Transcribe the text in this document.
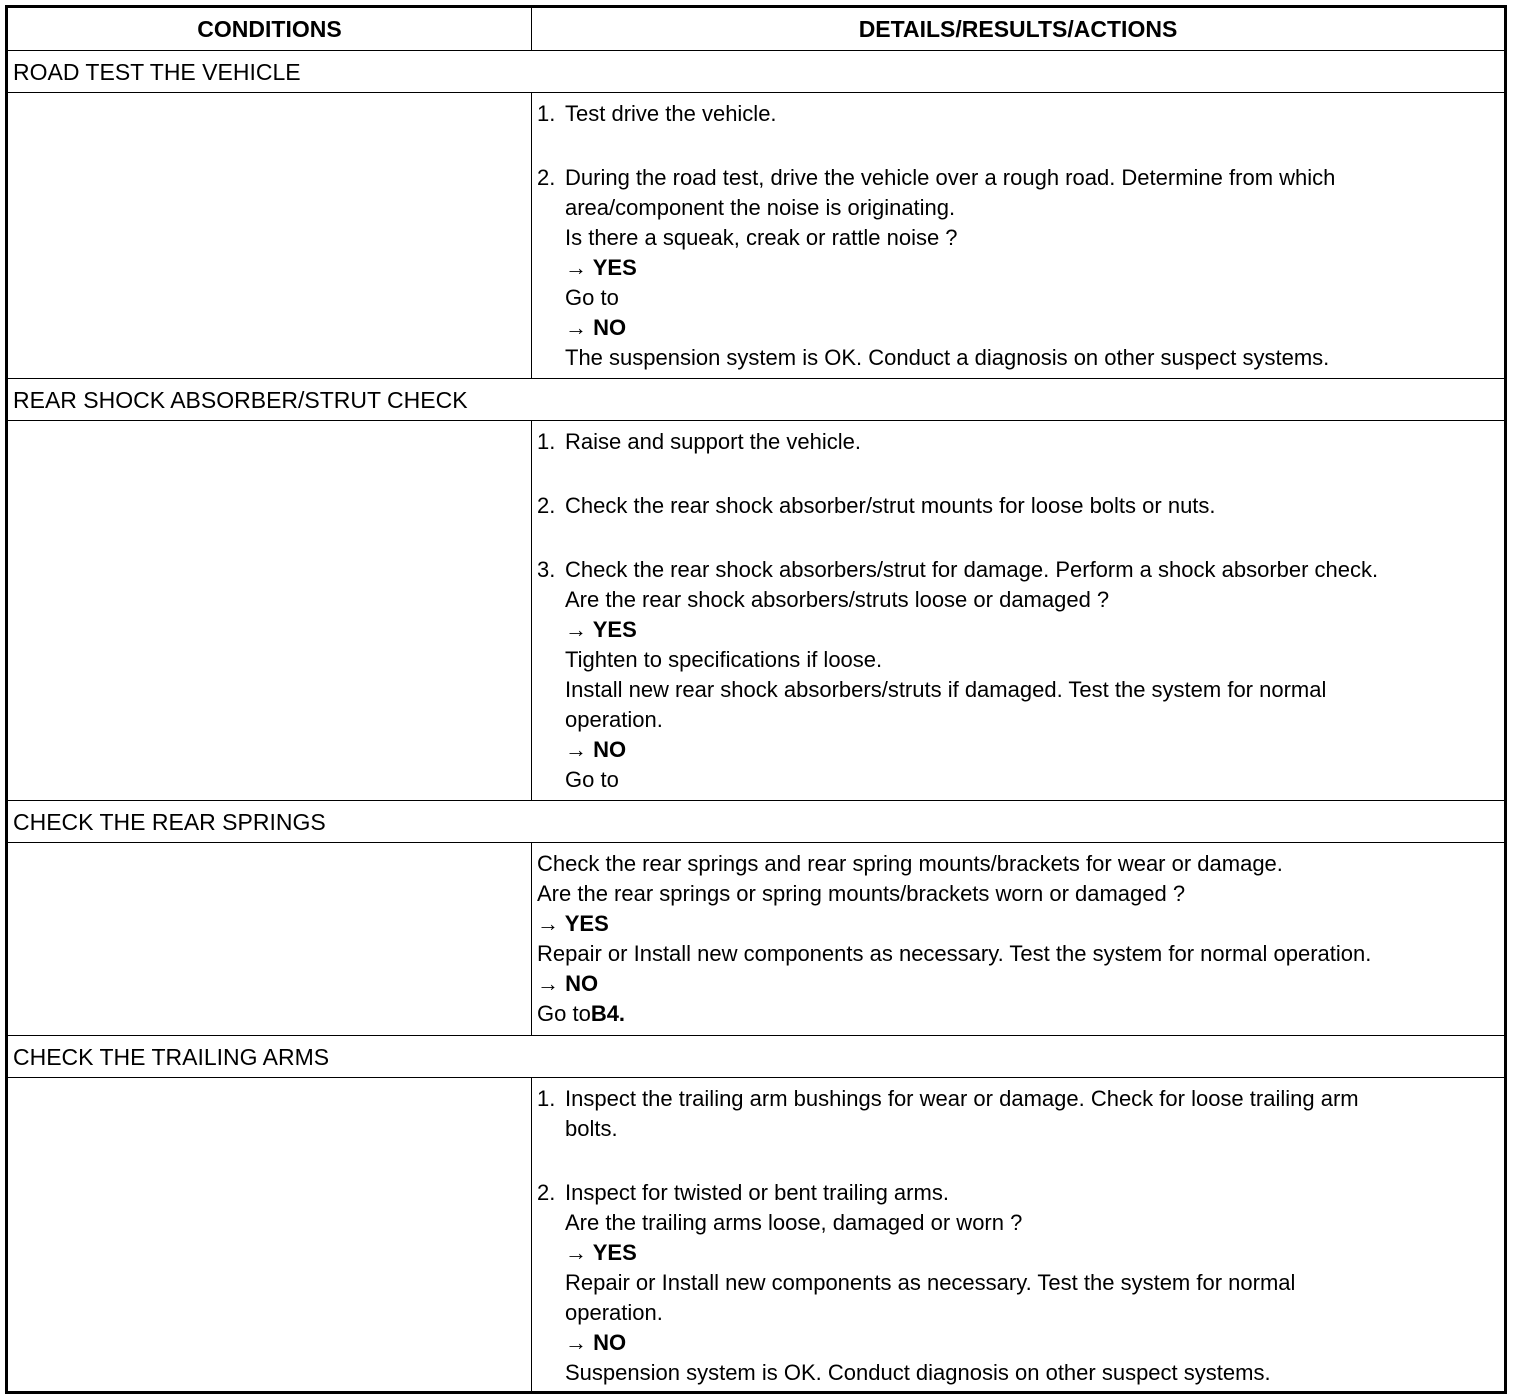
CONDITIONS	DETAILS/RESULTS/ACTIONS
ROAD TEST THE VEHICLE
1. Test drive the vehicle.
2. During the road test, drive the vehicle over a rough road. Determine from which
area/component the noise is originating.
Is there a squeak, creak or rattle noise ?
→ YES
Go to
→ NO
The suspension system is OK. Conduct a diagnosis on other suspect systems.
REAR SHOCK ABSORBER/STRUT CHECK
1. Raise and support the vehicle.
2. Check the rear shock absorber/strut mounts for loose bolts or nuts.
3. Check the rear shock absorbers/strut for damage. Perform a shock absorber check.
Are the rear shock absorbers/struts loose or damaged ?
→ YES
Tighten to specifications if loose.
Install new rear shock absorbers/struts if damaged. Test the system for normal
operation.
→ NO
Go to
CHECK THE REAR SPRINGS
Check the rear springs and rear spring mounts/brackets for wear or damage.
Are the rear springs or spring mounts/brackets worn or damaged ?
→ YES
Repair or Install new components as necessary. Test the system for normal operation.
→ NO
Go toB4.
CHECK THE TRAILING ARMS
1. Inspect the trailing arm bushings for wear or damage. Check for loose trailing arm
bolts.
2. Inspect for twisted or bent trailing arms.
Are the trailing arms loose, damaged or worn ?
→ YES
Repair or Install new components as necessary. Test the system for normal
operation.
→ NO
Suspension system is OK. Conduct diagnosis on other suspect systems.
